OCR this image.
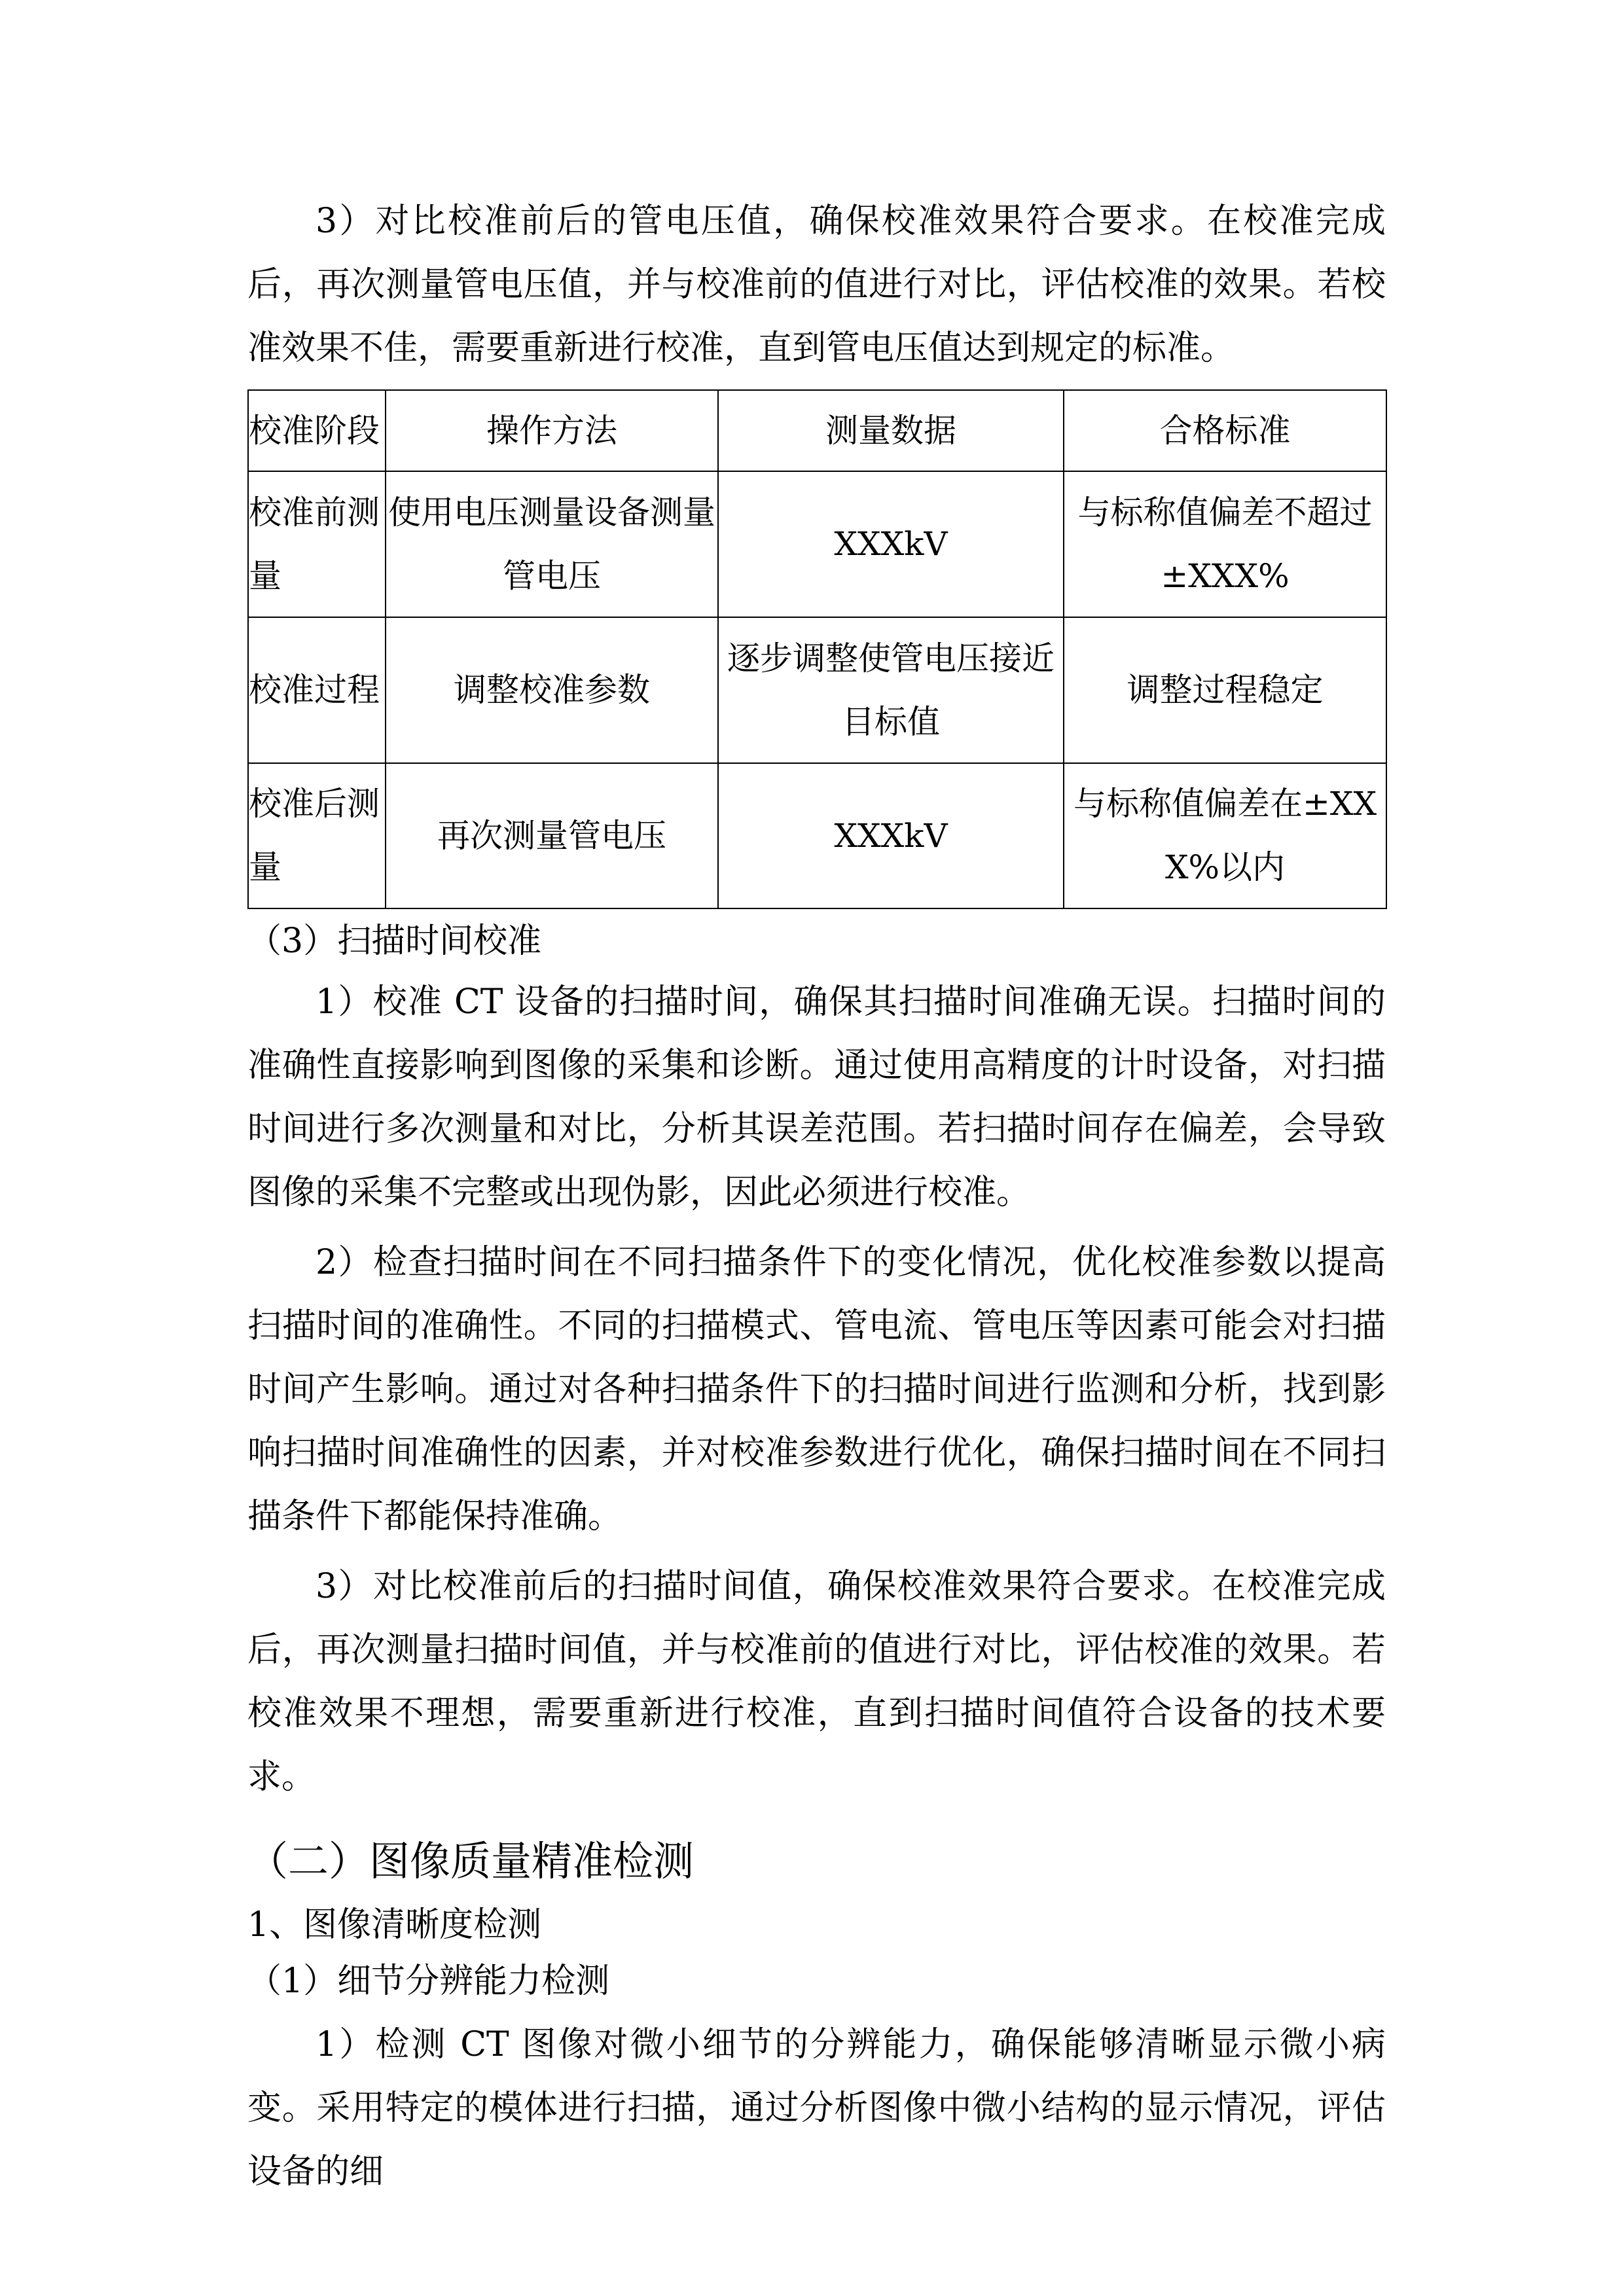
3）对比校准前后的管电压值，确保校准效果符合要求。在校准完成后，再次测量管电压值，并与校准前的值进行对比，评估校准的效果。若校准效果不佳，需要重新进行校准，直到管电压值达到规定的标准。
校准阶段	操作方法	测量数据	合格标准
校准前测量	使用电压测量设备测量管电压	XXXkV	与标称值偏差不超过±XXX%
校准过程	调整校准参数	逐步调整使管电压接近目标值	调整过程稳定
校准后测量	再次测量管电压	XXXkV	与标称值偏差在±XXX%以内
（3）扫描时间校准
1）校准 CT 设备的扫描时间，确保其扫描时间准确无误。扫描时间的准确性直接影响到图像的采集和诊断。通过使用高精度的计时设备，对扫描时间进行多次测量和对比，分析其误差范围。若扫描时间存在偏差，会导致图像的采集不完整或出现伪影，因此必须进行校准。
2）检查扫描时间在不同扫描条件下的变化情况，优化校准参数以提高扫描时间的准确性。不同的扫描模式、管电流、管电压等因素可能会对扫描时间产生影响。通过对各种扫描条件下的扫描时间进行监测和分析，找到影响扫描时间准确性的因素，并对校准参数进行优化，确保扫描时间在不同扫描条件下都能保持准确。
3）对比校准前后的扫描时间值，确保校准效果符合要求。在校准完成后，再次测量扫描时间值，并与校准前的值进行对比，评估校准的效果。若校准效果不理想，需要重新进行校准，直到扫描时间值符合设备的技术要求。
（二）图像质量精准检测
1、图像清晰度检测
（1）细节分辨能力检测
1）检测 CT 图像对微小细节的分辨能力，确保能够清晰显示微小病变。采用特定的模体进行扫描，通过分析图像中微小结构的显示情况，评估设备的细
